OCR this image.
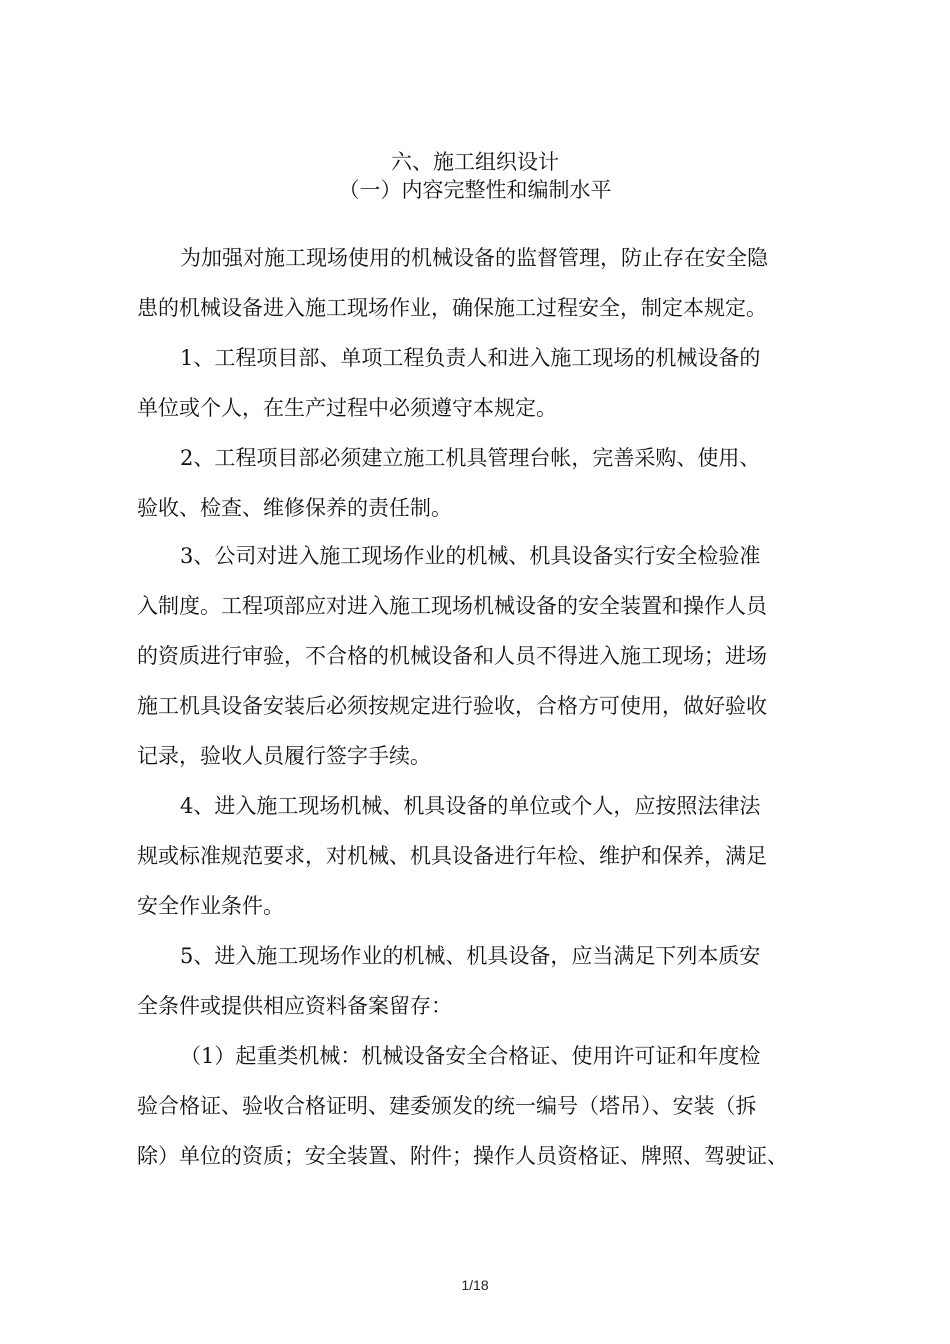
六、施工组织设计
（一）内容完整性和编制水平
为加强对施工现场使用的机械设备的监督管理，防止存在安全隐
患的机械设备进入施工现场作业，确保施工过程安全，制定本规定。
1、工程项目部、单项工程负责人和进入施工现场的机械设备的
单位或个人，在生产过程中必须遵守本规定。
2、工程项目部必须建立施工机具管理台帐，完善采购、使用、
验收、检查、维修保养的责任制。
3、公司对进入施工现场作业的机械、机具设备实行安全检验准
入制度。工程项部应对进入施工现场机械设备的安全装置和操作人员
的资质进行审验，不合格的机械设备和人员不得进入施工现场；进场
施工机具设备安装后必须按规定进行验收，合格方可使用，做好验收
记录，验收人员履行签字手续。
4、进入施工现场机械、机具设备的单位或个人，应按照法律法
规或标准规范要求，对机械、机具设备进行年检、维护和保养，满足
安全作业条件。
5、进入施工现场作业的机械、机具设备，应当满足下列本质安
全条件或提供相应资料备案留存：
（1）起重类机械：机械设备安全合格证、使用许可证和年度检
验合格证、验收合格证明、建委颁发的统一编号（塔吊）、安装（拆
除）单位的资质；安全装置、附件；操作人员资格证、牌照、驾驶证、
1/18
